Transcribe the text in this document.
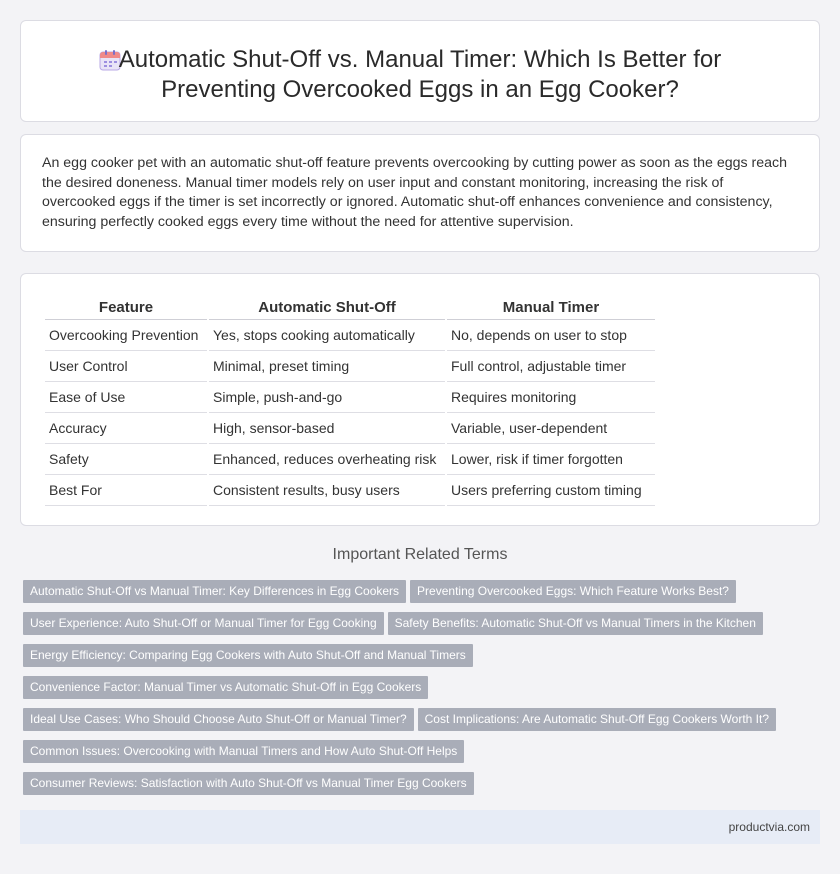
Automatic Shut-Off vs. Manual Timer: Which Is Better for
Preventing Overcooked Eggs in an Egg Cooker?

An egg cooker pet with an automatic shut-off feature prevents overcooking by cutting power as soon as the eggs reach the desired doneness. Manual timer models rely on user input and constant monitoring, increasing the risk of overcooked eggs if the timer is set incorrectly or ignored. Automatic shut-off enhances convenience and consistency, ensuring perfectly cooked eggs every time without the need for attentive supervision.

Feature	Automatic Shut-Off	Manual Timer
Overcooking Prevention	Yes, stops cooking automatically	No, depends on user to stop
User Control	Minimal, preset timing	Full control, adjustable timer
Ease of Use	Simple, push-and-go	Requires monitoring
Accuracy	High, sensor-based	Variable, user-dependent
Safety	Enhanced, reduces overheating risk	Lower, risk if timer forgotten
Best For	Consistent results, busy users	Users preferring custom timing
Important Related Terms
Automatic Shut-Off vs Manual Timer: Key Differences in Egg Cookers Preventing Overcooked Eggs: Which Feature Works Best?
User Experience: Auto Shut-Off or Manual Timer for Egg Cooking Safety Benefits: Automatic Shut-Off vs Manual Timers in the Kitchen
Energy Efficiency: Comparing Egg Cookers with Auto Shut-Off and Manual Timers
Convenience Factor: Manual Timer vs Automatic Shut-Off in Egg Cookers
Ideal Use Cases: Who Should Choose Auto Shut-Off or Manual Timer? Cost Implications: Are Automatic Shut-Off Egg Cookers Worth It?
Common Issues: Overcooking with Manual Timers and How Auto Shut-Off Helps
Consumer Reviews: Satisfaction with Auto Shut-Off vs Manual Timer Egg Cookers
productvia.com
